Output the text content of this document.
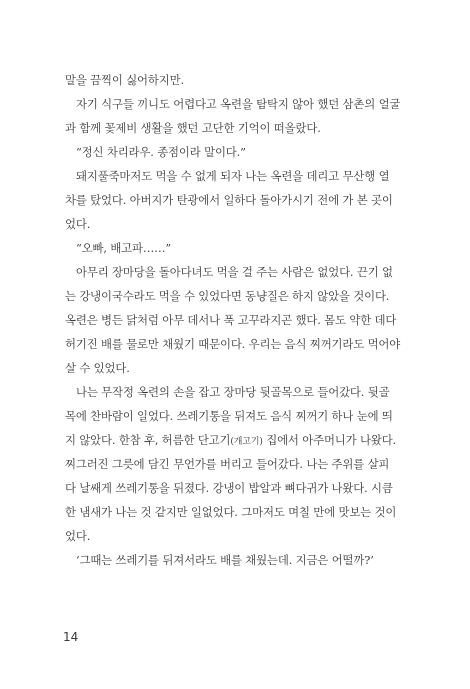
말을 끔찍이 싫어하지만.
자기 식구들 끼니도 어렵다고 옥련을 탐탁지 않아 했던 삼촌의 얼굴
과 함께 꽃제비 생활을 했던 고단한 기억이 떠올랐다.
“정신 차리라우. 종점이라 말이다.”
돼지풀죽마저도 먹을 수 없게 되자 나는 옥련을 데리고 무산행 열
차를 탔었다. 아버지가 탄광에서 일하다 돌아가시기 전에 가 본 곳이
었다.
“오빠, 배고파……”
아무리 장마당을 돌아다녀도 먹을 걸 주는 사람은 없었다. 끈기 없
는 강냉이국수라도 먹을 수 있었다면 동냥질은 하지 않았을 것이다.
옥련은 병든 닭처럼 아무 데서나 푹 고꾸라지곤 했다. 몸도 약한 데다
허기진 배를 물로만 채웠기 때문이다. 우리는 음식 찌꺼기라도 먹어야
살 수 있었다.
나는 무작정 옥련의 손을 잡고 장마당 뒷골목으로 들어갔다. 뒷골
목에 찬바람이 일었다. 쓰레기통을 뒤져도 음식 찌꺼기 하나 눈에 띄
지 않았다. 한참 후, 허름한 단고기(개고기) 집에서 아주머니가 나왔다.
찌그러진 그릇에 담긴 무언가를 버리고 들어갔다. 나는 주위를 살피
다 날쌔게 쓰레기통을 뒤졌다. 강냉이 밥알과 뼈다귀가 나왔다. 시큼
한 냄새가 나는 것 같지만 일없었다. 그마저도 며칠 만에 맛보는 것이
었다.
‘그때는 쓰레기를 뒤져서라도 배를 채웠는데. 지금은 어떨까?’
14
